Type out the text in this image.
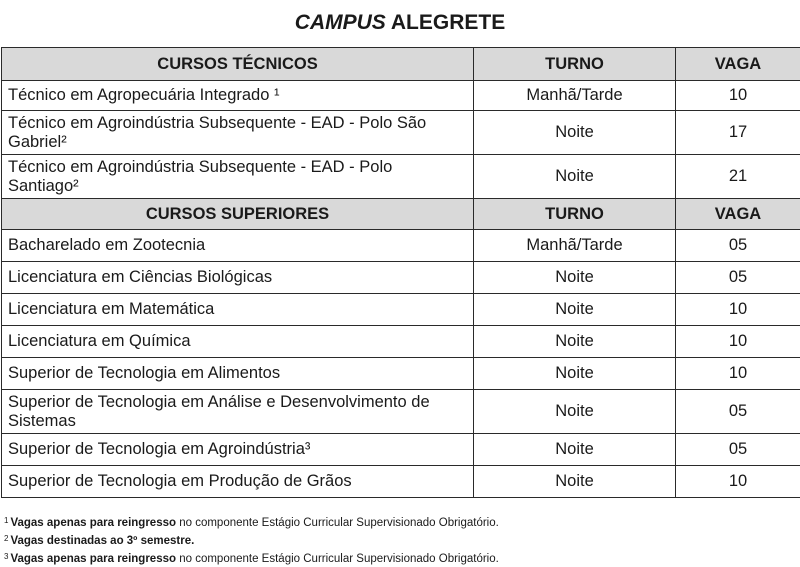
CAMPUS ALEGRETE
CURSOS TÉCNICOS	TURNO	VAGA
Técnico em Agropecuária Integrado ¹	Manhã/Tarde	10
Técnico em Agroindústria Subsequente - EAD - Polo São Gabriel²	Noite	17
Técnico em Agroindústria Subsequente - EAD - Polo Santiago²	Noite	21
CURSOS SUPERIORES	TURNO	VAGA
Bacharelado em Zootecnia	Manhã/Tarde	05
Licenciatura em Ciências Biológicas	Noite	05
Licenciatura em Matemática	Noite	10
Licenciatura em Química	Noite	10
Superior de Tecnologia em Alimentos	Noite	10
Superior de Tecnologia em Análise e Desenvolvimento de Sistemas	Noite	05
Superior de Tecnologia em Agroindústria³	Noite	05
Superior de Tecnologia em Produção de Grãos	Noite	10
$^1$ Vagas apenas para reingresso no componente Estágio Curricular Supervisionado Obrigatório.
$^2$ Vagas destinadas ao 3º semestre.
$^3$ Vagas apenas para reingresso no componente Estágio Curricular Supervisionado Obrigatório.
